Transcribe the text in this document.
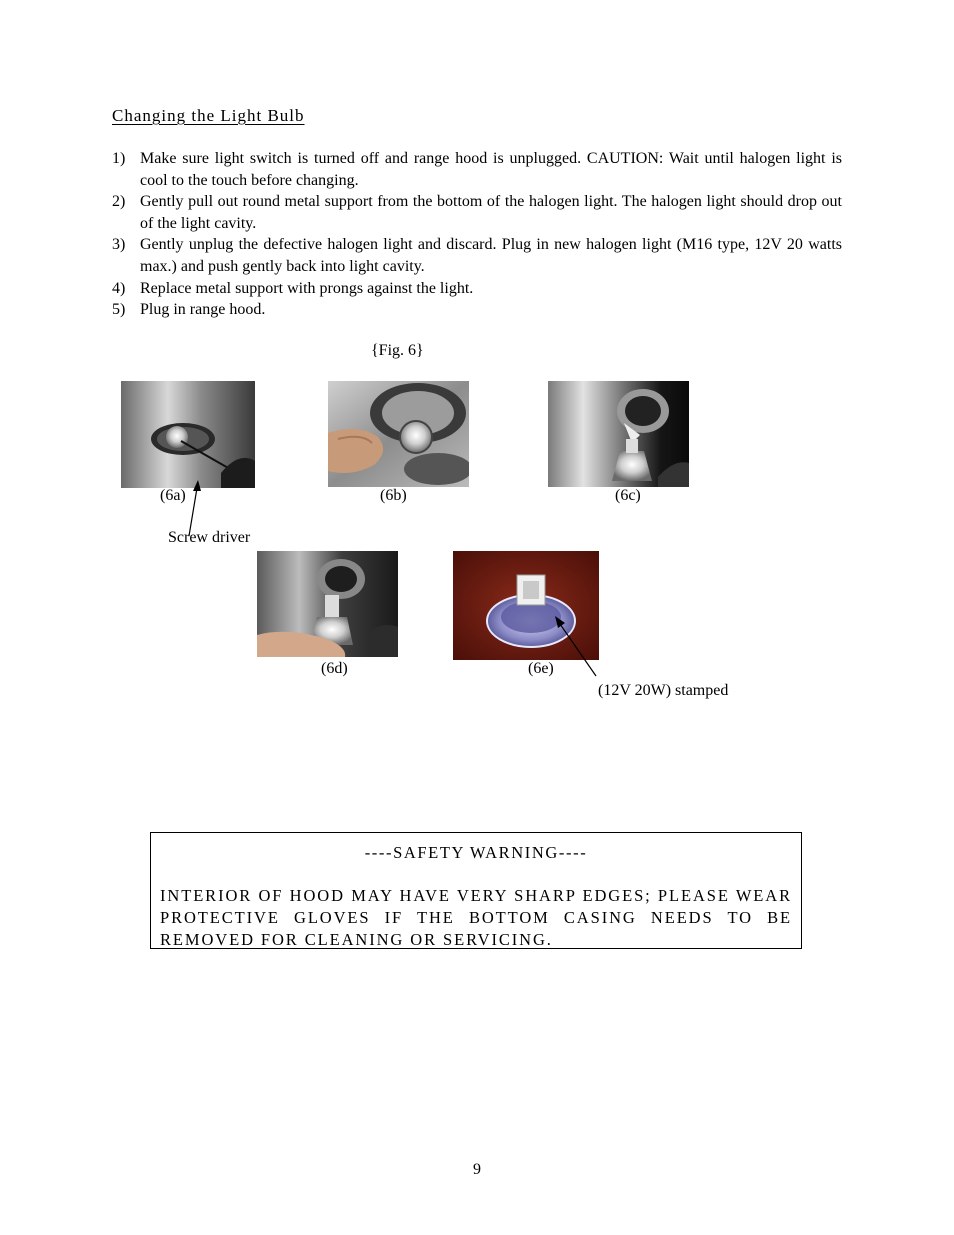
Changing the Light Bulb
1) Make sure light switch is turned off and range hood is unplugged. CAUTION: Wait until halogen light is cool to the touch before changing.
2) Gently pull out round metal support from the bottom of the halogen light. The halogen light should drop out of the light cavity.
3) Gently unplug the defective halogen light and discard. Plug in new halogen light (M16 type, 12V 20 watts max.) and push gently back into light cavity.
4) Replace metal support with prongs against the light.
5) Plug in range hood.
{Fig. 6}
(6a)	(6b)	(6c)
Screw driver
(6d)	(6e)
(12V 20W) stamped
----SAFETY WARNING----
INTERIOR OF HOOD MAY HAVE VERY SHARP EDGES; PLEASE WEAR PROTECTIVE GLOVES IF THE BOTTOM CASING NEEDS TO BE REMOVED FOR CLEANING OR SERVICING.
9
